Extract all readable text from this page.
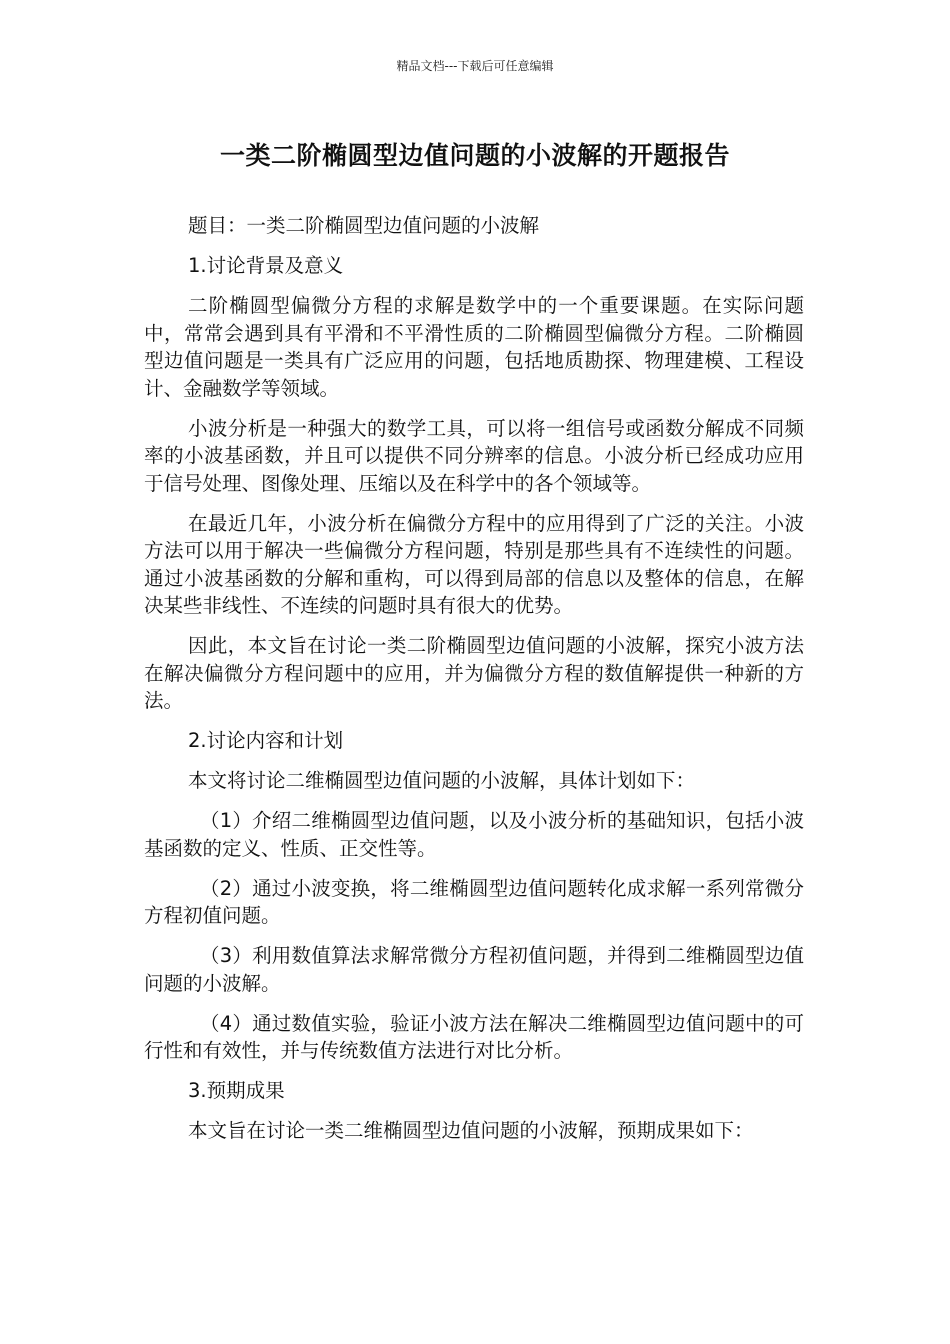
精品文档---下载后可任意编辑
一类二阶椭圆型边值问题的小波解的开题报告

题目：一类二阶椭圆型边值问题的小波解

1.讨论背景及意义

二阶椭圆型偏微分方程的求解是数学中的一个重要课题。在实际问题中，常常会遇到具有平滑和不平滑性质的二阶椭圆型偏微分方程。二阶椭圆型边值问题是一类具有广泛应用的问题，包括地质勘探、物理建模、工程设计、金融数学等领域。

小波分析是一种强大的数学工具，可以将一组信号或函数分解成不同频率的小波基函数，并且可以提供不同分辨率的信息。小波分析已经成功应用于信号处理、图像处理、压缩以及在科学中的各个领域等。

在最近几年，小波分析在偏微分方程中的应用得到了广泛的关注。小波方法可以用于解决一些偏微分方程问题，特别是那些具有不连续性的问题。通过小波基函数的分解和重构，可以得到局部的信息以及整体的信息，在解决某些非线性、不连续的问题时具有很大的优势。

因此，本文旨在讨论一类二阶椭圆型边值问题的小波解，探究小波方法在解决偏微分方程问题中的应用，并为偏微分方程的数值解提供一种新的方法。

2.讨论内容和计划

本文将讨论二维椭圆型边值问题的小波解，具体计划如下：

（1）介绍二维椭圆型边值问题，以及小波分析的基础知识，包括小波基函数的定义、性质、正交性等。

（2）通过小波变换，将二维椭圆型边值问题转化成求解一系列常微分方程初值问题。

（3）利用数值算法求解常微分方程初值问题，并得到二维椭圆型边值问题的小波解。

（4）通过数值实验，验证小波方法在解决二维椭圆型边值问题中的可行性和有效性，并与传统数值方法进行对比分析。

3.预期成果

本文旨在讨论一类二维椭圆型边值问题的小波解，预期成果如下：
